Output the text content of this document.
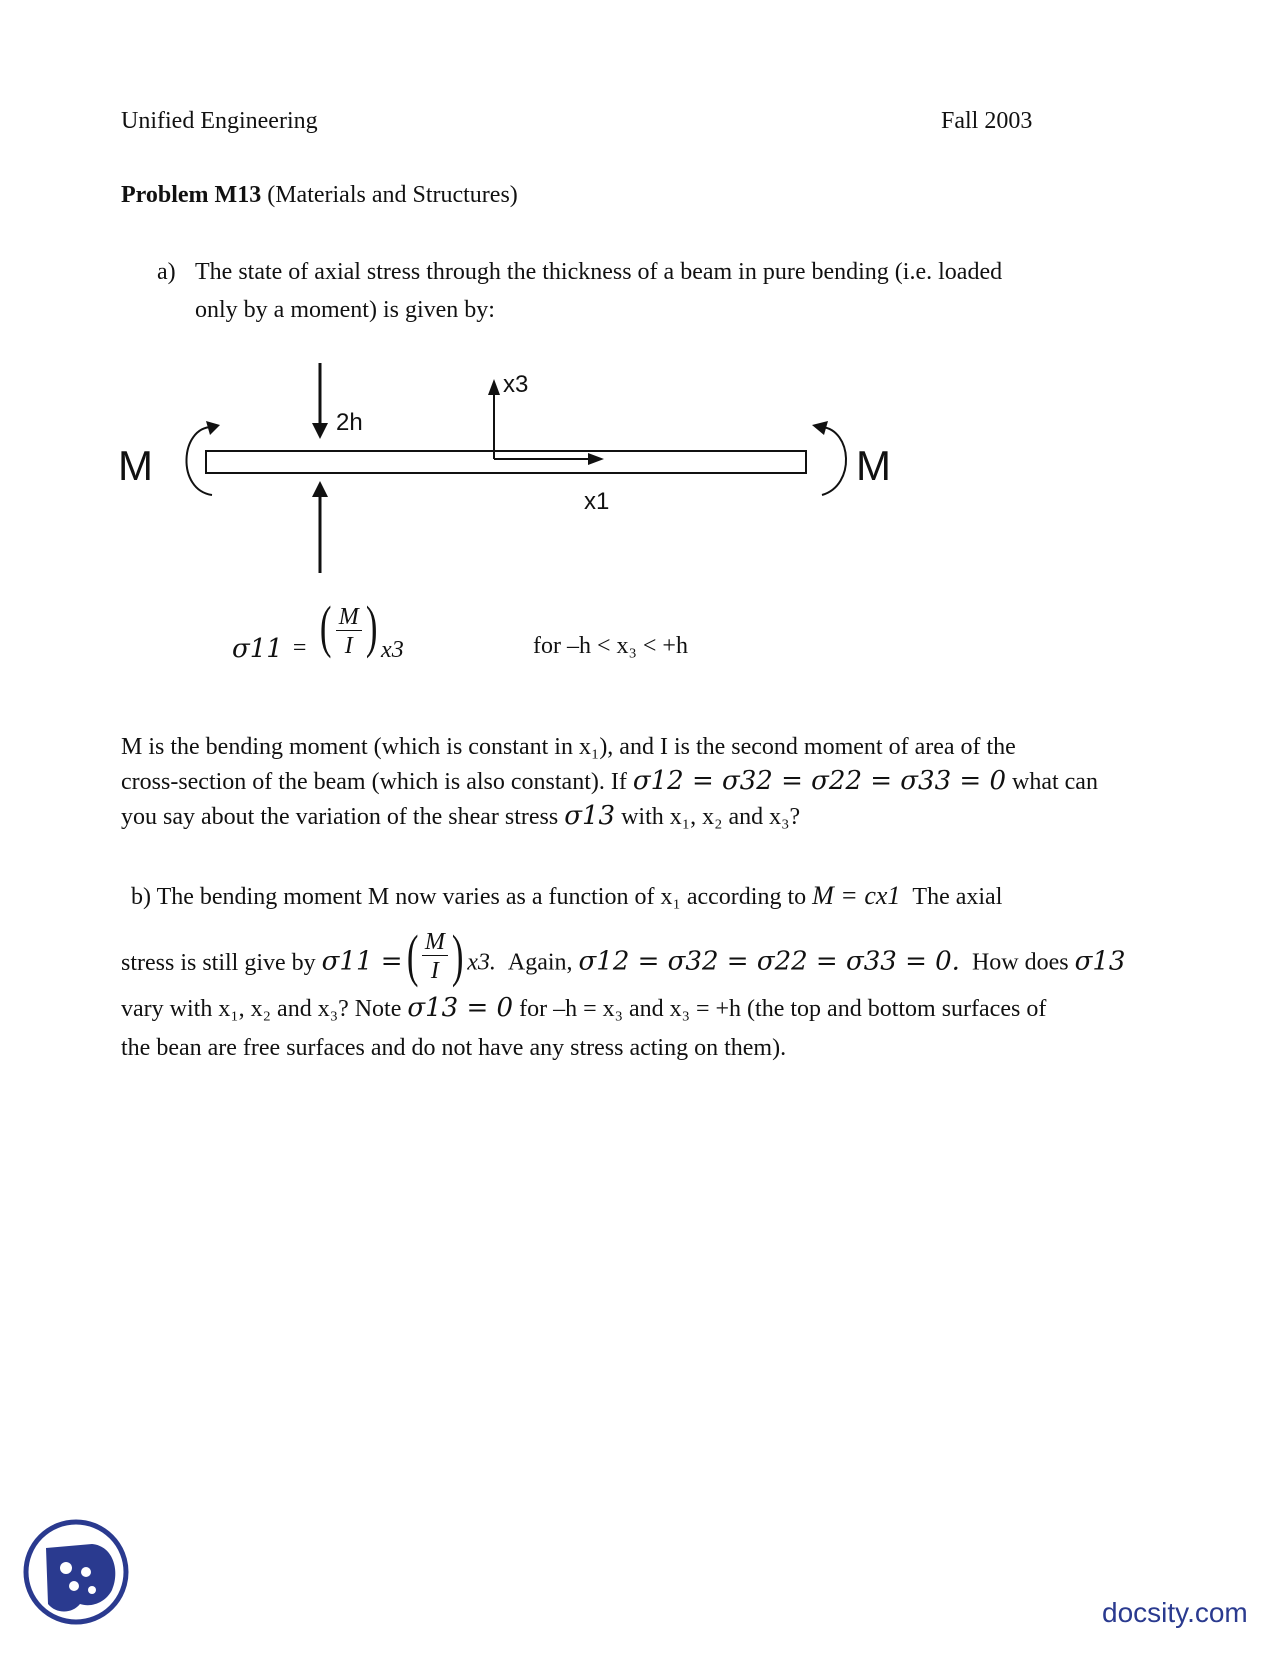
Unified Engineering	Fall 2003
Problem M13 (Materials and Structures)
a) The state of axial stress through the thickness of a beam in pure bending (i.e. loaded
only by a moment) is given by:
M	M
2h
x3
x1
σ11 = ( $\frac{M}{I}$ ) x3	for –h < x₃ < +h
M is the bending moment (which is constant in x₁), and I is the second moment of area of the
cross-section of the beam (which is also constant). If σ12 = σ32 = σ22 = σ33 = 0 what can
you say about the variation of the shear stress σ13 with x₁, x₂ and x₃?
b) The bending moment M now varies as a function of x₁ according to M = cx1 The axial
stress is still give by σ11 =( $\frac{M}{I}$ ) x3. Again, σ12 = σ32 = σ22 = σ33 = 0. How does σ13
vary with x₁, x₂ and x₃? Note σ13 = 0 for –h = x₃ and x₃ = +h (the top and bottom surfaces of
the bean are free surfaces and do not have any stress acting on them).
docsity.com
